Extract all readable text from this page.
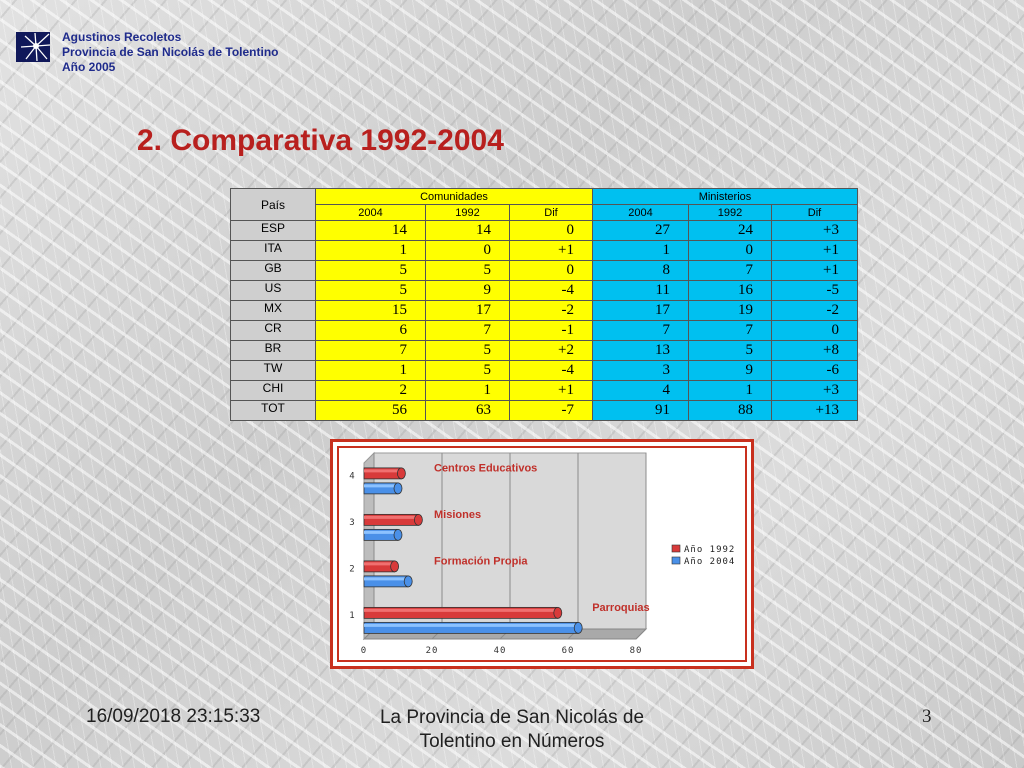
Agustinos Recoletos
Provincia de San Nicolás de Tolentino
Año 2005
2. Comparativa 1992-2004
País	Comunidades			Ministerios		
	2004	1992	Dif	2004	1992	Dif
ESP	14	14	0	27	24	+3
ITA	1	0	+1	1	0	+1
GB	5	5	0	8	7	+1
US	5	9	-4	11	16	-5
MX	15	17	-2	17	19	-2
CR	6	7	-1	7	7	0
BR	7	5	+2	13	5	+8
TW	1	5	-4	3	9	-6
CHI	2	1	+1	4	1	+3
TOT	56	63	-7	91	88	+13
0	20	40	60	80
1
Parroquias
2
Formación Propia
3
Misiones
4
Centros Educativos
Año 1992
Año 2004
16/09/2018 23:15:33	La Provincia de San Nicolás de
Tolentino en Números
3
